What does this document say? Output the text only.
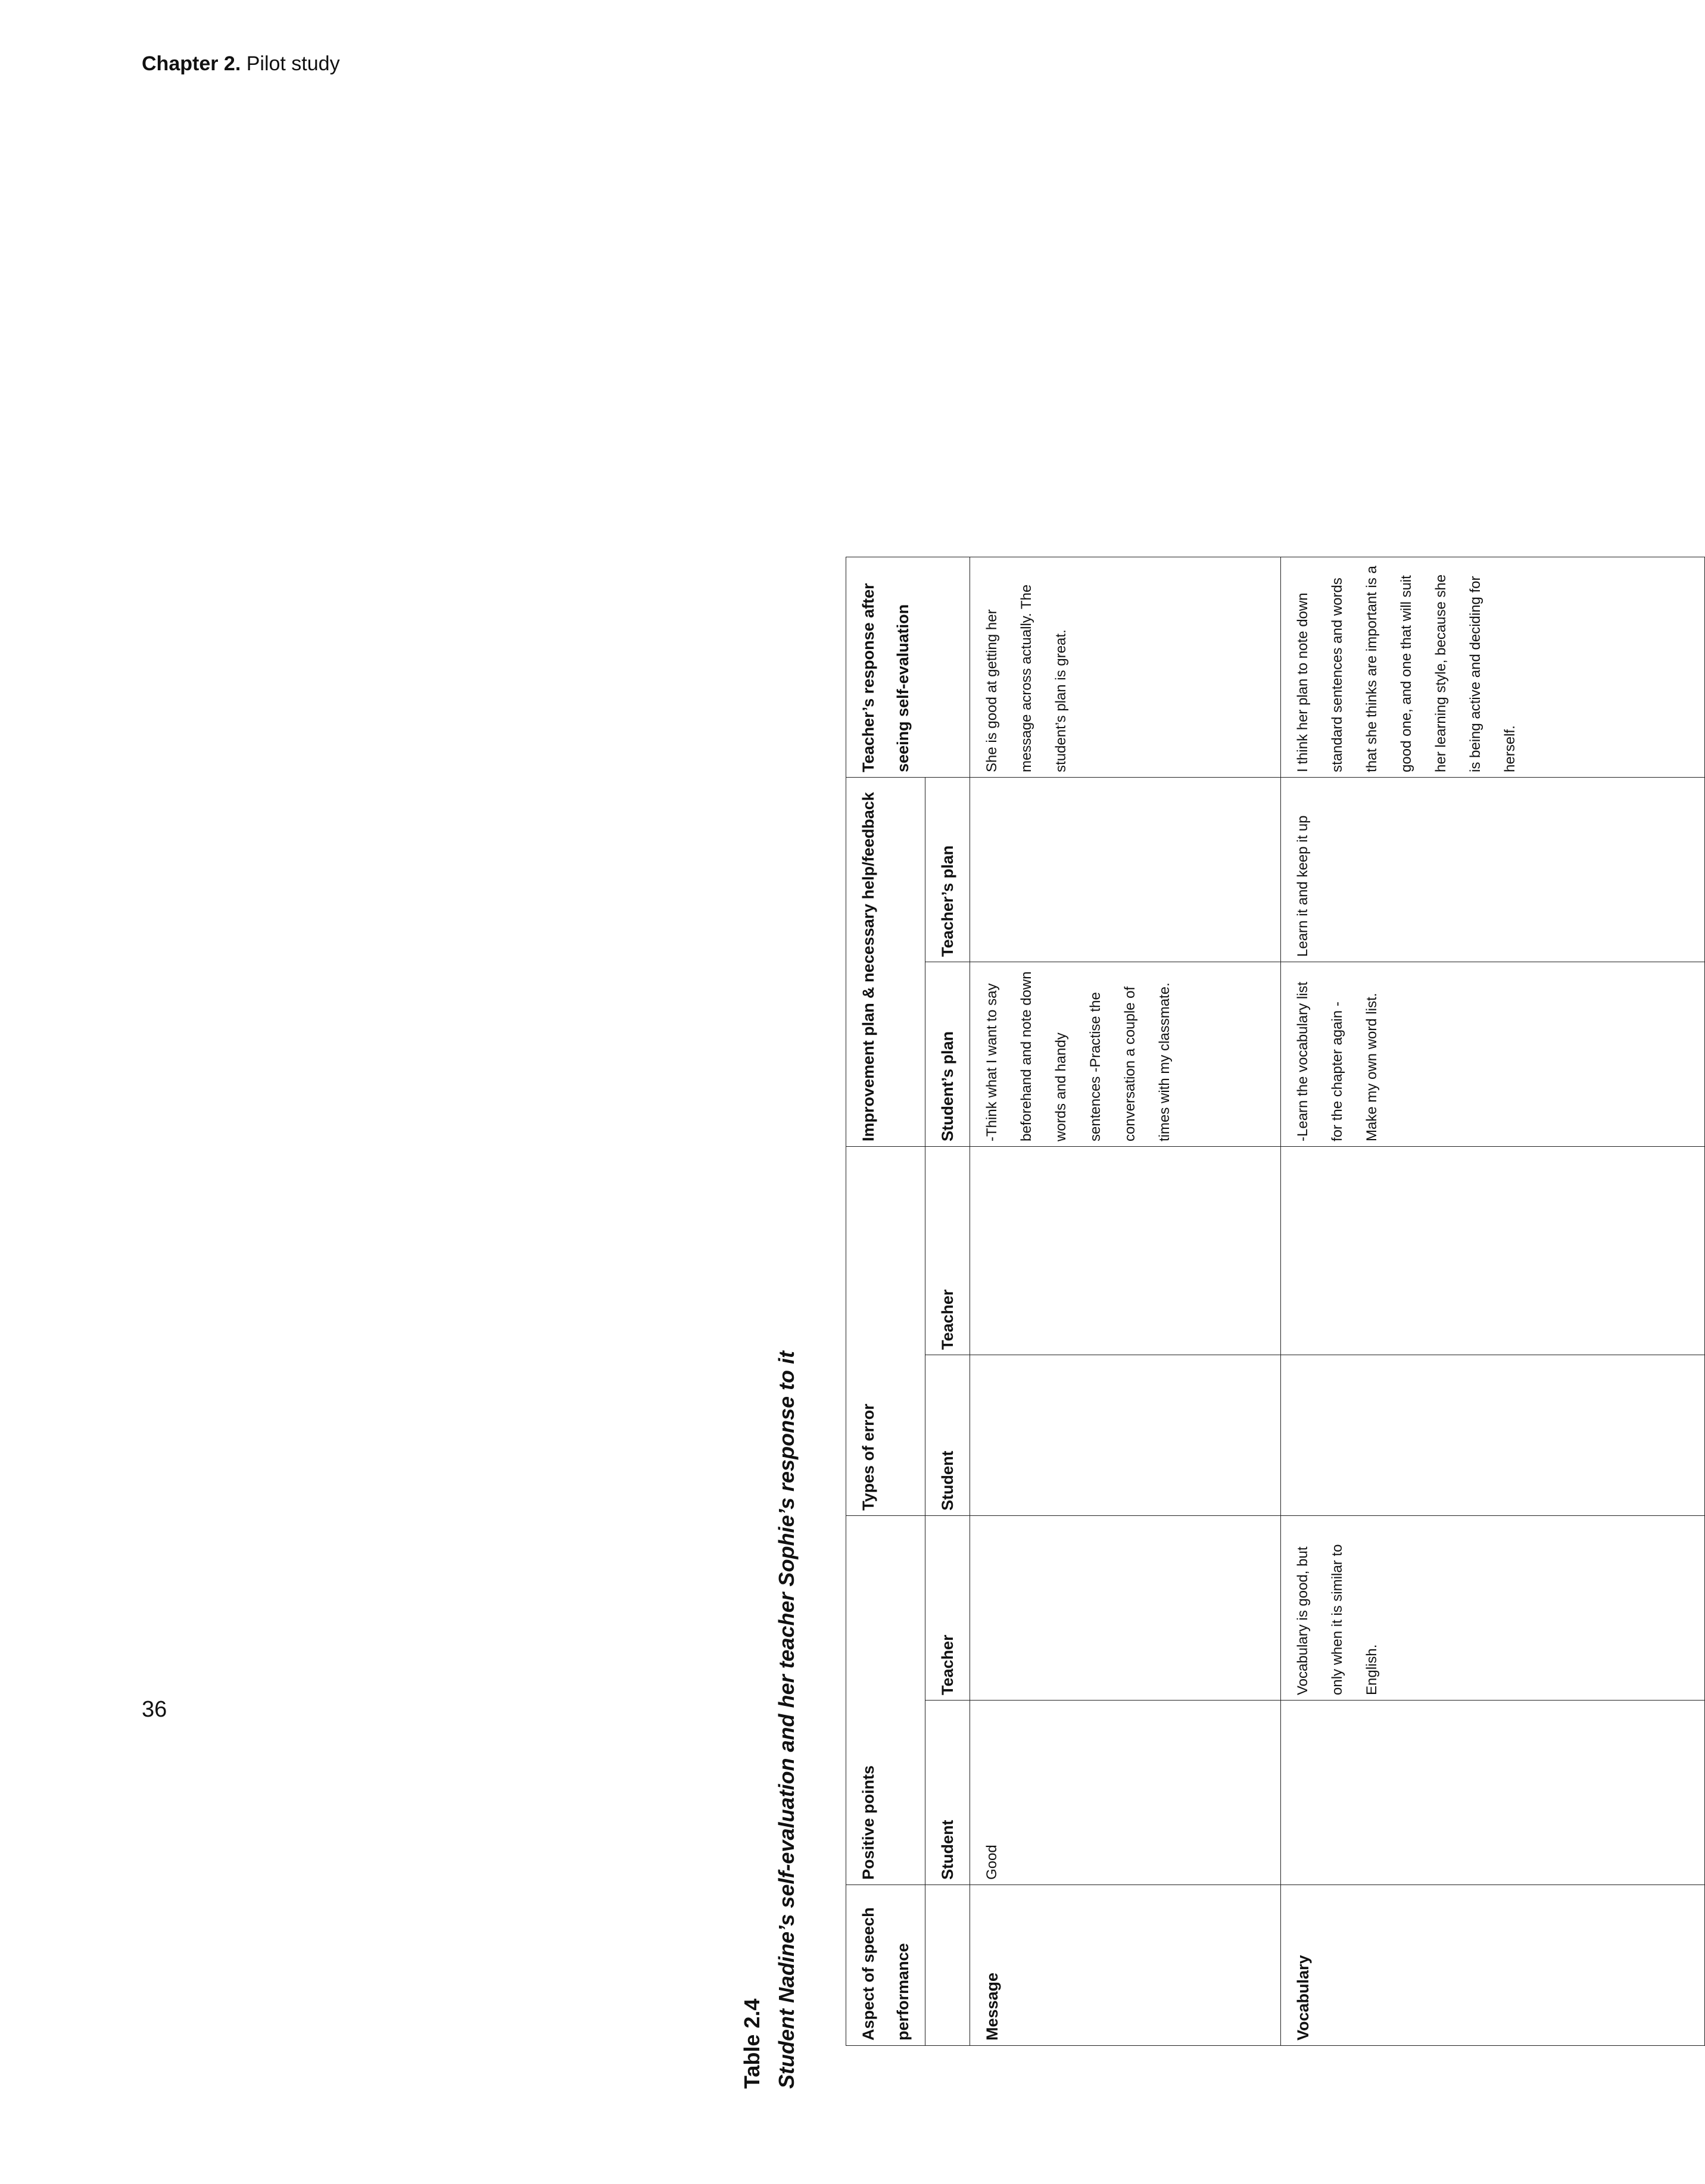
Chapter 2. Pilot study
Table 2.4 Student Nadine’s self-evaluation and her teacher Sophie’s response to it	Aspect of speech performance	Positive points		Types of error		Improvement plan & necessary help/feedback		Teacher’s response after seeing self-evaluation

	Student	Teacher	Student	Teacher	Student’s plan	Teacher’s plan	
Message	Good				-Think what I want to say beforehand and note down words and handy sentences -Practise the conversation a couple of times with my classmate.		She is good at getting her message across actually. The student’s plan is great.
Vocabulary		Vocabulary is good, but only when it is similar to English.			-Learn the vocabulary list for the chapter again -Make my own word list.	Learn it and keep it up	I think her plan to note down standard sentences and words that she thinks are important is a good one, and one that will suit her learning style, because she is being active and deciding for herself.
36
